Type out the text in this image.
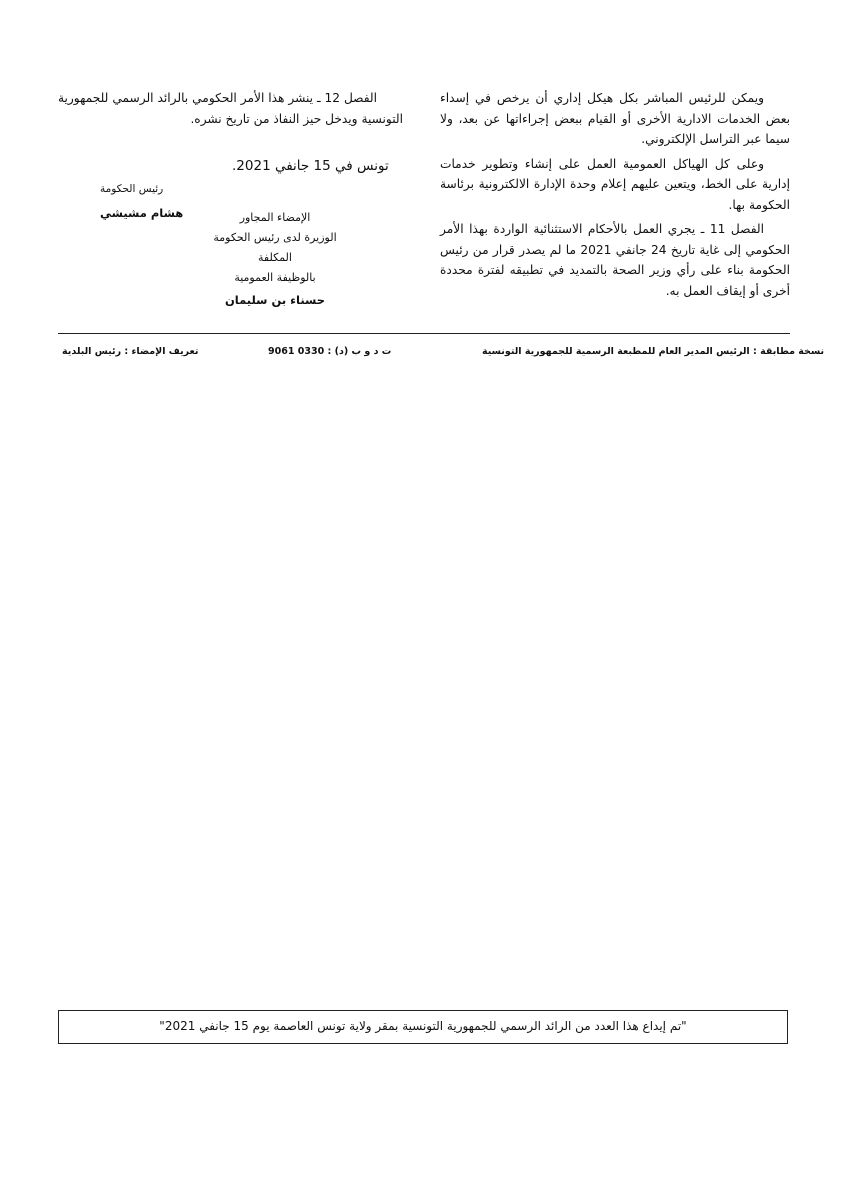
ويمكن للرئيس المباشر بكل هيكل إداري أن يرخص في إسداء بعض الخدمات الادارية الأخرى أو القيام ببعض إجراءاتها عن بعد، ولا سيما عبر التراسل الإلكتروني.

وعلى كل الهياكل العمومية العمل على إنشاء وتطوير خدمات إدارية على الخط، ويتعين عليهم إعلام وحدة الإدارة الالكترونية برئاسة الحكومة بها.

الفصل 11 ـ يجري العمل بالأحكام الاستثنائية الواردة بهذا الأمر الحكومي إلى غاية تاريخ 24 جانفي 2021 ما لم يصدر قرار من رئيس الحكومة بناء على رأي وزير الصحة بالتمديد في تطبيقه لفترة محددة أخرى أو إيقاف العمل به.

الفصل 12 ـ ينشر هذا الأمر الحكومي بالرائد الرسمي للجمهورية التونسية ويدخل حيز النفاذ من تاريخ نشره.

تونس في 15 جانفي 2021.
رئيس الحكومة
هشام مشيشي	الإمضاء المجاور
الوزيرة لدى رئيس الحكومة المكلفة
بالوظيفة العمومية
حسناء بن سليمان
نسخة مطابقة : الرئيس المدير العام للمطبعة الرسمية للجمهورية التونسية
ت د و ب (د) : 0330 9061
تعريف الإمضاء : رئيس البلدية
"تم إيداع هذا العدد من الرائد الرسمي للجمهورية التونسية بمقر ولاية تونس العاصمة يوم 15 جانفي 2021"
